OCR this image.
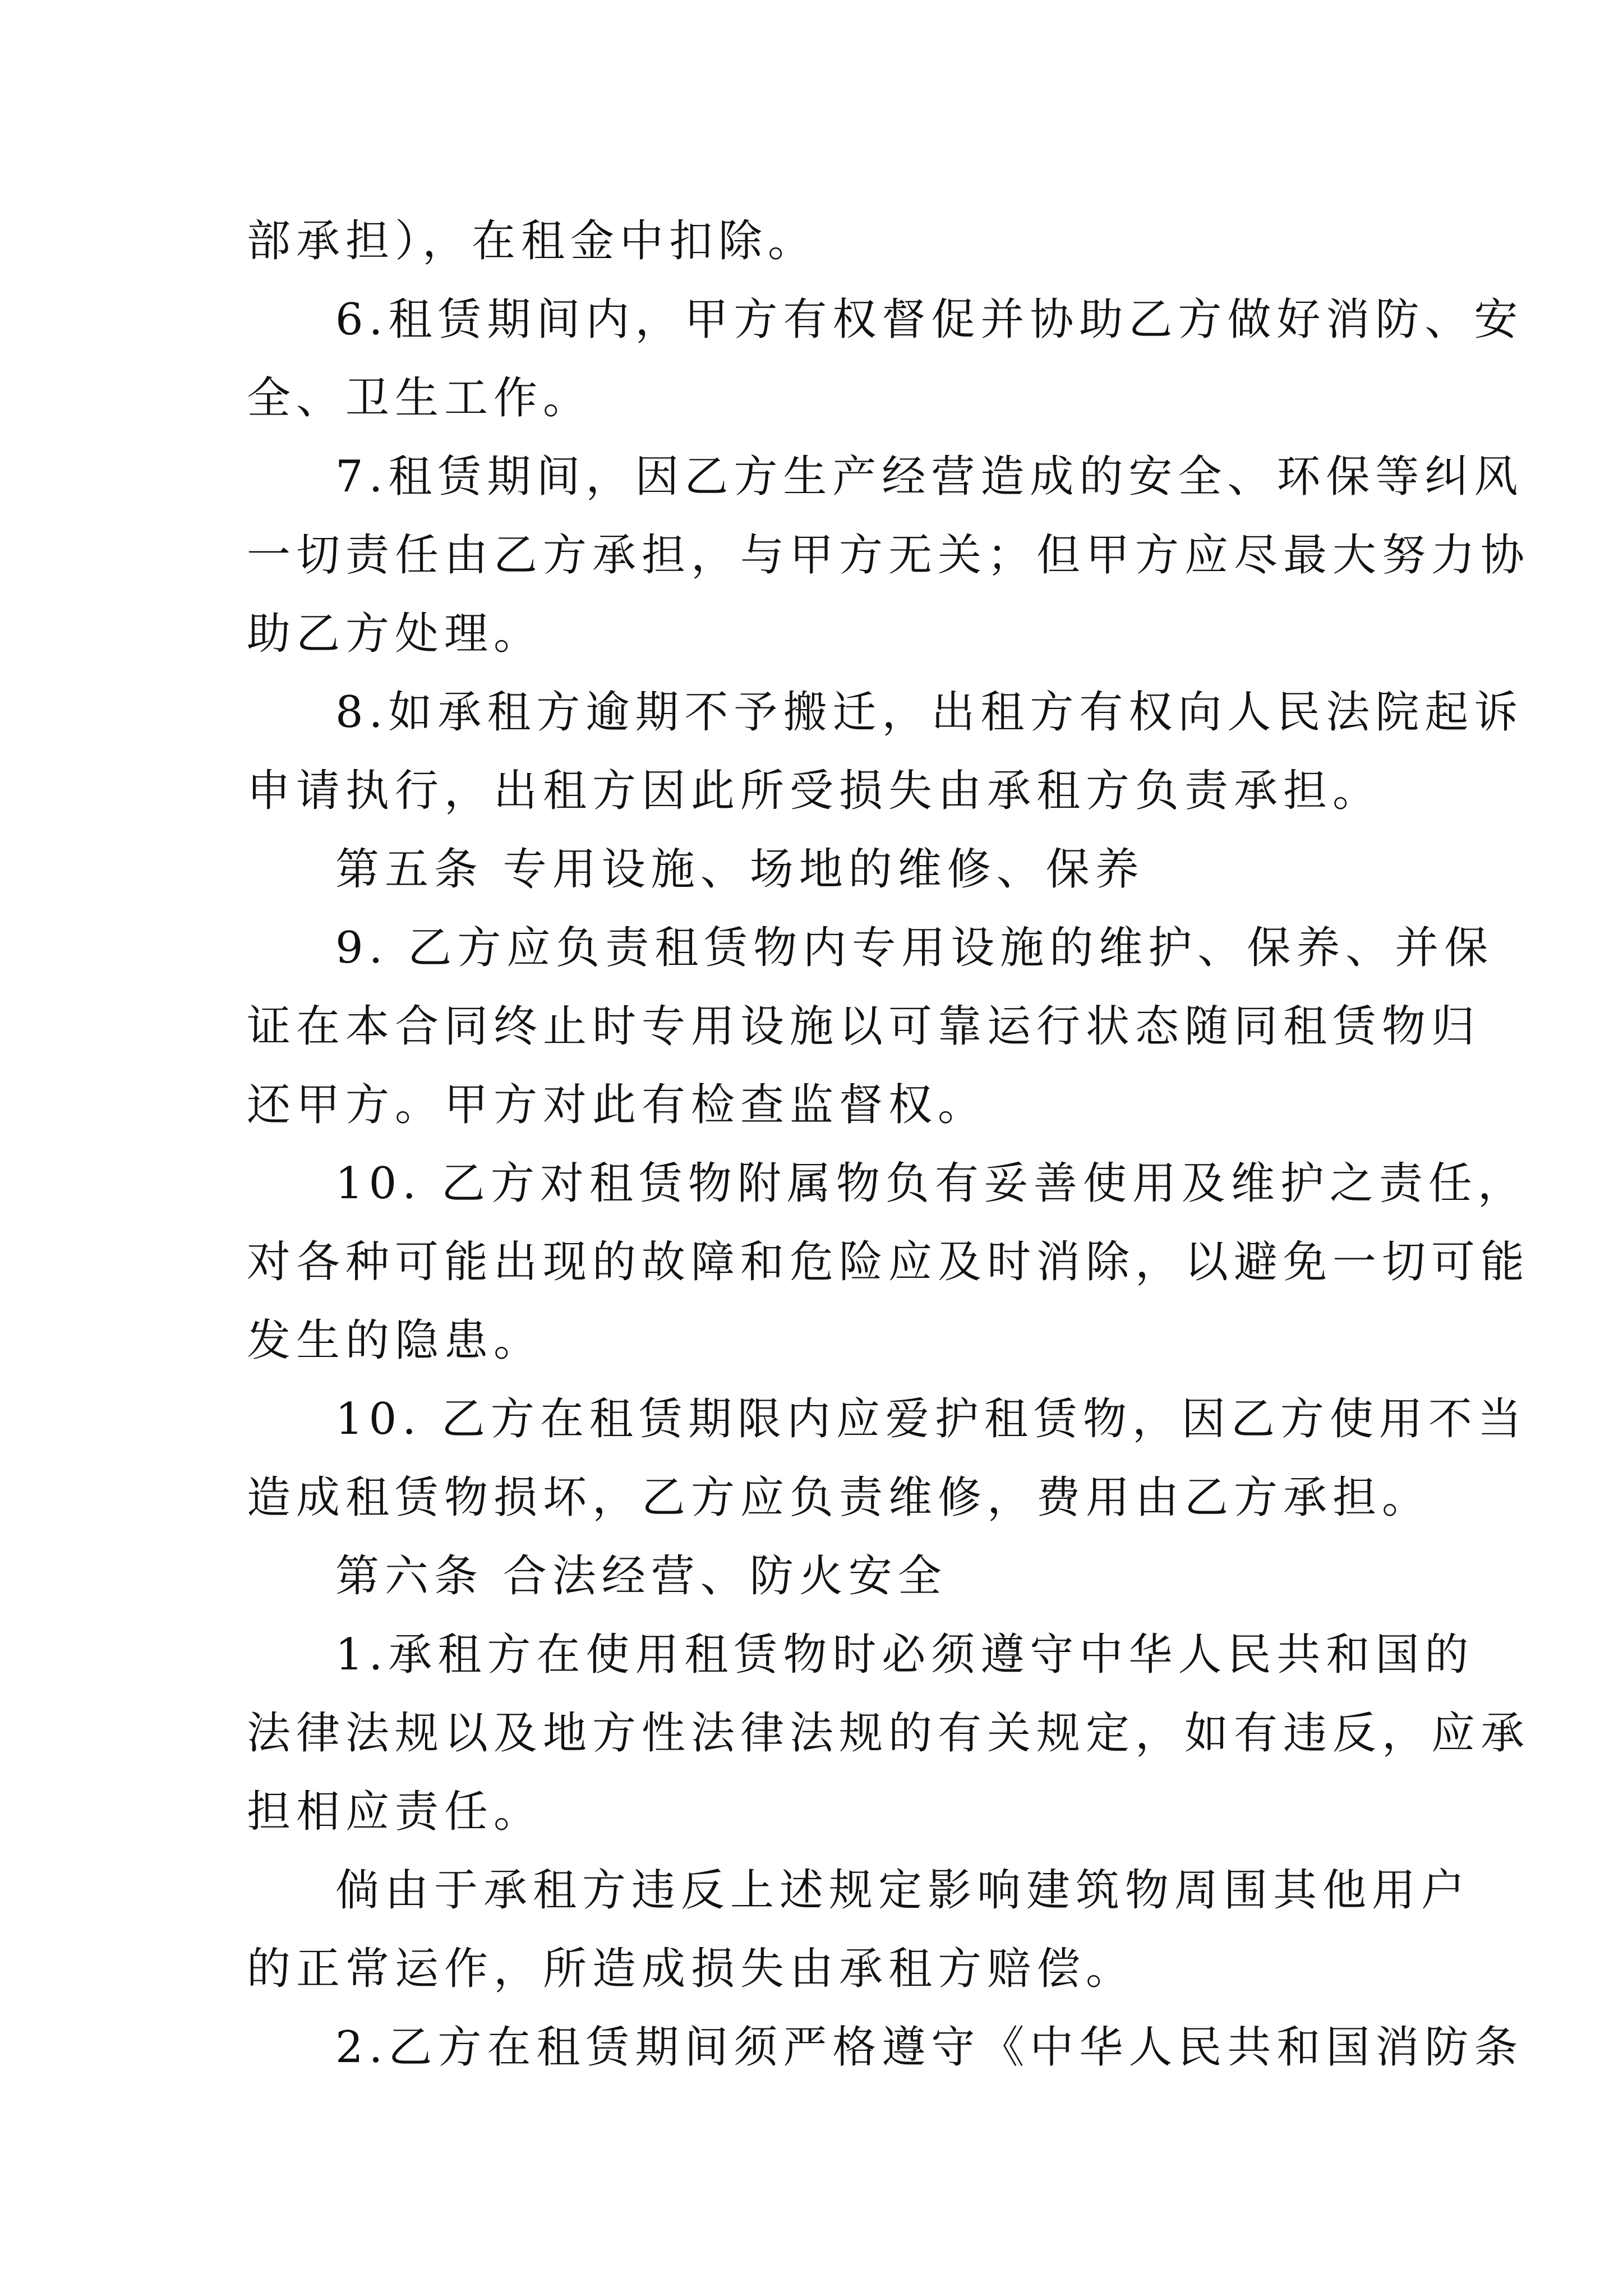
部承担），在租金中扣除。
6.租赁期间内，甲方有权督促并协助乙方做好消防、安
全、卫生工作。
7.租赁期间，因乙方生产经营造成的安全、环保等纠风
一切责任由乙方承担，与甲方无关；但甲方应尽最大努力协
助乙方处理。
8.如承租方逾期不予搬迁，出租方有权向人民法院起诉
申请执行，出租方因此所受损失由承租方负责承担。
第五条 专用设施、场地的维修、保养
9. 乙方应负责租赁物内专用设施的维护、保养、并保
证在本合同终止时专用设施以可靠运行状态随同租赁物归
还甲方。甲方对此有检查监督权。
10. 乙方对租赁物附属物负有妥善使用及维护之责任，
对各种可能出现的故障和危险应及时消除，以避免一切可能
发生的隐患。
10. 乙方在租赁期限内应爱护租赁物，因乙方使用不当
造成租赁物损坏，乙方应负责维修，费用由乙方承担。
第六条 合法经营、防火安全
1.承租方在使用租赁物时必须遵守中华人民共和国的
法律法规以及地方性法律法规的有关规定，如有违反，应承
担相应责任。
倘由于承租方违反上述规定影响建筑物周围其他用户
的正常运作，所造成损失由承租方赔偿。
2.乙方在租赁期间须严格遵守《中华人民共和国消防条
